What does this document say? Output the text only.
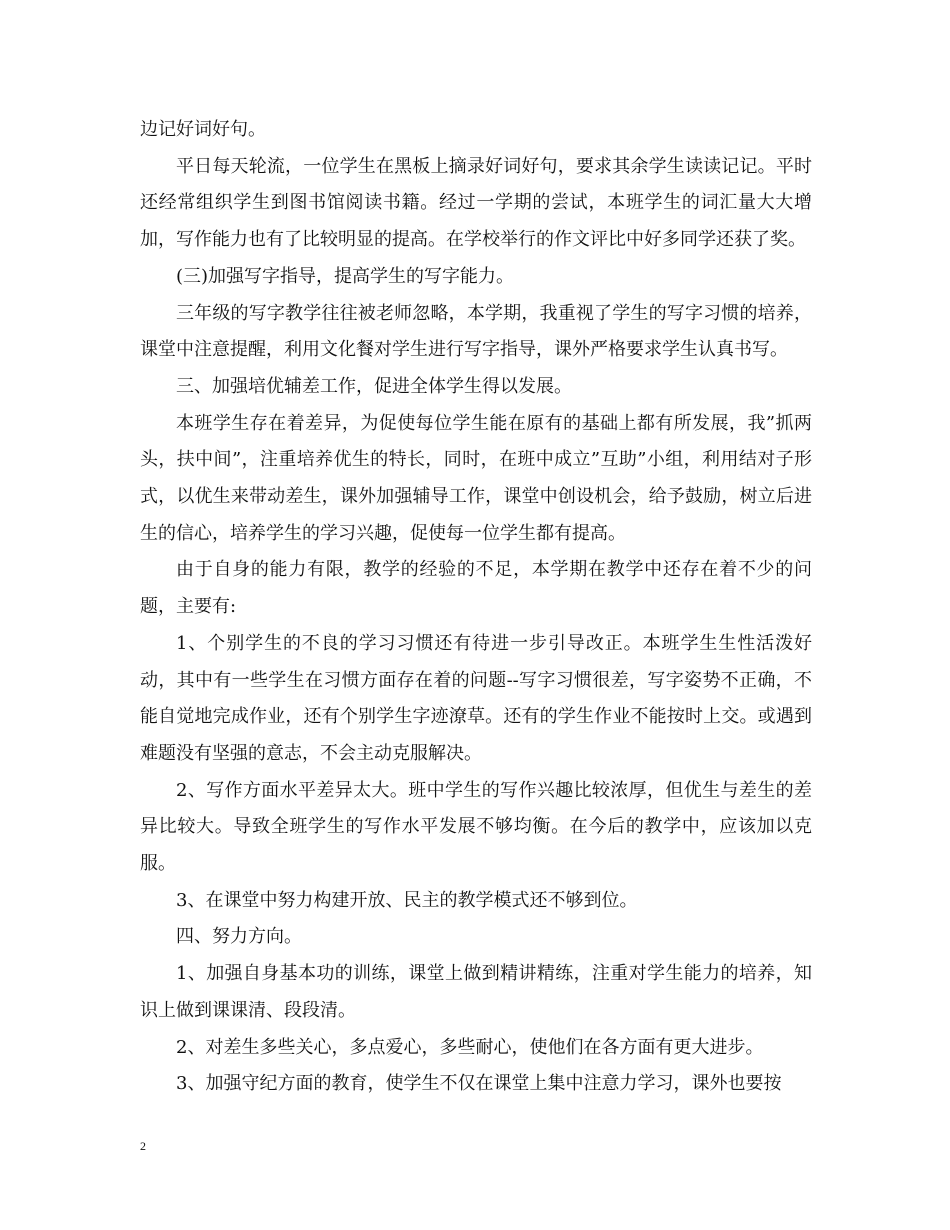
边记好词好句。

平日每天轮流，一位学生在黑板上摘录好词好句，要求其余学生读读记记。平时还经常组织学生到图书馆阅读书籍。经过一学期的尝试，本班学生的词汇量大大增加，写作能力也有了比较明显的提高。在学校举行的作文评比中好多同学还获了奖。

(三)加强写字指导，提高学生的写字能力。

三年级的写字教学往往被老师忽略，本学期，我重视了学生的写字习惯的培养，课堂中注意提醒，利用文化餐对学生进行写字指导，课外严格要求学生认真书写。

三、加强培优辅差工作，促进全体学生得以发展。

本班学生存在着差异，为促使每位学生能在原有的基础上都有所发展，我”抓两头，扶中间”，注重培养优生的特长，同时，在班中成立”互助”小组，利用结对子形式，以优生来带动差生，课外加强辅导工作，课堂中创设机会，给予鼓励，树立后进生的信心，培养学生的学习兴趣，促使每一位学生都有提高。

由于自身的能力有限，教学的经验的不足，本学期在教学中还存在着不少的问题，主要有:

1、个别学生的不良的学习习惯还有待进一步引导改正。本班学生生性活泼好动，其中有一些学生在习惯方面存在着的问题--写字习惯很差，写字姿势不正确，不能自觉地完成作业，还有个别学生字迹潦草。还有的学生作业不能按时上交。或遇到难题没有坚强的意志，不会主动克服解决。

2、写作方面水平差异太大。班中学生的写作兴趣比较浓厚，但优生与差生的差异比较大。导致全班学生的写作水平发展不够均衡。在今后的教学中，应该加以克服。

3、在课堂中努力构建开放、民主的教学模式还不够到位。

四、努力方向。

1、加强自身基本功的训练，课堂上做到精讲精练，注重对学生能力的培养，知识上做到课课清、段段清。

2、对差生多些关心，多点爱心，多些耐心，使他们在各方面有更大进步。

3、加强守纪方面的教育，使学生不仅在课堂上集中注意力学习，课外也要按

2
